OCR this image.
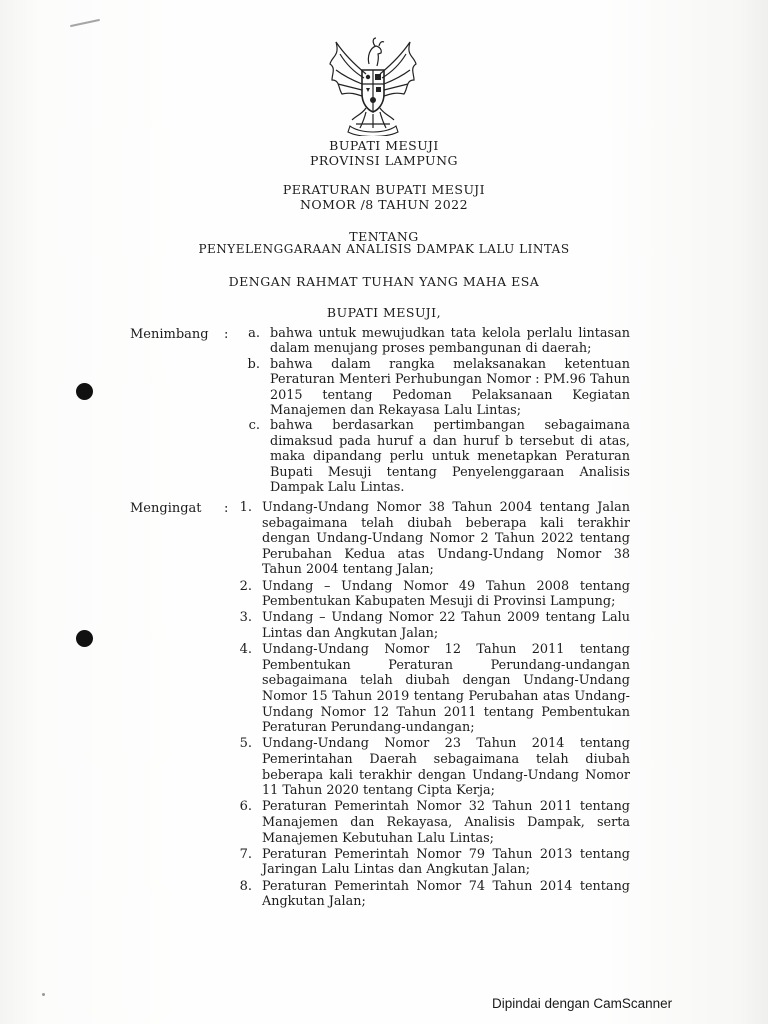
BUPATI MESUJI
PROVINSI LAMPUNG
PERATURAN BUPATI MESUJI
NOMOR /8 TAHUN 2022
TENTANG
PENYELENGGARAAN ANALISIS DAMPAK LALU LINTAS
DENGAN RAHMAT TUHAN YANG MAHA ESA
BUPATI MESUJI,
Menimbang :	a. bahwa untuk mewujudkan tata kelola perlalu lintasan
dalam menujang proses pembangunan di daerah;
b. bahwa dalam rangka melaksanakan ketentuan
Peraturan Menteri Perhubungan Nomor : PM.96 Tahun
2015 tentang Pedoman Pelaksanaan Kegiatan
Manajemen dan Rekayasa Lalu Lintas;
c. bahwa berdasarkan pertimbangan sebagaimana
dimaksud pada huruf a dan huruf b tersebut di atas,
maka dipandang perlu untuk menetapkan Peraturan
Bupati Mesuji tentang Penyelenggaraan Analisis
Dampak Lalu Lintas.
Mengingat : 1. Undang-Undang Nomor 38 Tahun 2004 tentang Jalan
sebagaimana telah diubah beberapa kali terakhir
dengan Undang-Undang Nomor 2 Tahun 2022 tentang
Perubahan Kedua atas Undang-Undang Nomor 38
Tahun 2004 tentang Jalan;
2. Undang – Undang Nomor 49 Tahun 2008 tentang
Pembentukan Kabupaten Mesuji di Provinsi Lampung;
3. Undang – Undang Nomor 22 Tahun 2009 tentang Lalu
Lintas dan Angkutan Jalan;
4. Undang-Undang Nomor 12 Tahun 2011 tentang
Pembentukan Peraturan Perundang-undangan
sebagaimana telah diubah dengan Undang-Undang
Nomor 15 Tahun 2019 tentang Perubahan atas Undang-
Undang Nomor 12 Tahun 2011 tentang Pembentukan
Peraturan Perundang-undangan;
5. Undang-Undang Nomor 23 Tahun 2014 tentang
Pemerintahan Daerah sebagaimana telah diubah
beberapa kali terakhir dengan Undang-Undang Nomor
11 Tahun 2020 tentang Cipta Kerja;
6. Peraturan Pemerintah Nomor 32 Tahun 2011 tentang
Manajemen dan Rekayasa, Analisis Dampak, serta
Manajemen Kebutuhan Lalu Lintas;
7. Peraturan Pemerintah Nomor 79 Tahun 2013 tentang
Jaringan Lalu Lintas dan Angkutan Jalan;
8. Peraturan Pemerintah Nomor 74 Tahun 2014 tentang
Angkutan Jalan;
Dipindai dengan CamScanner
